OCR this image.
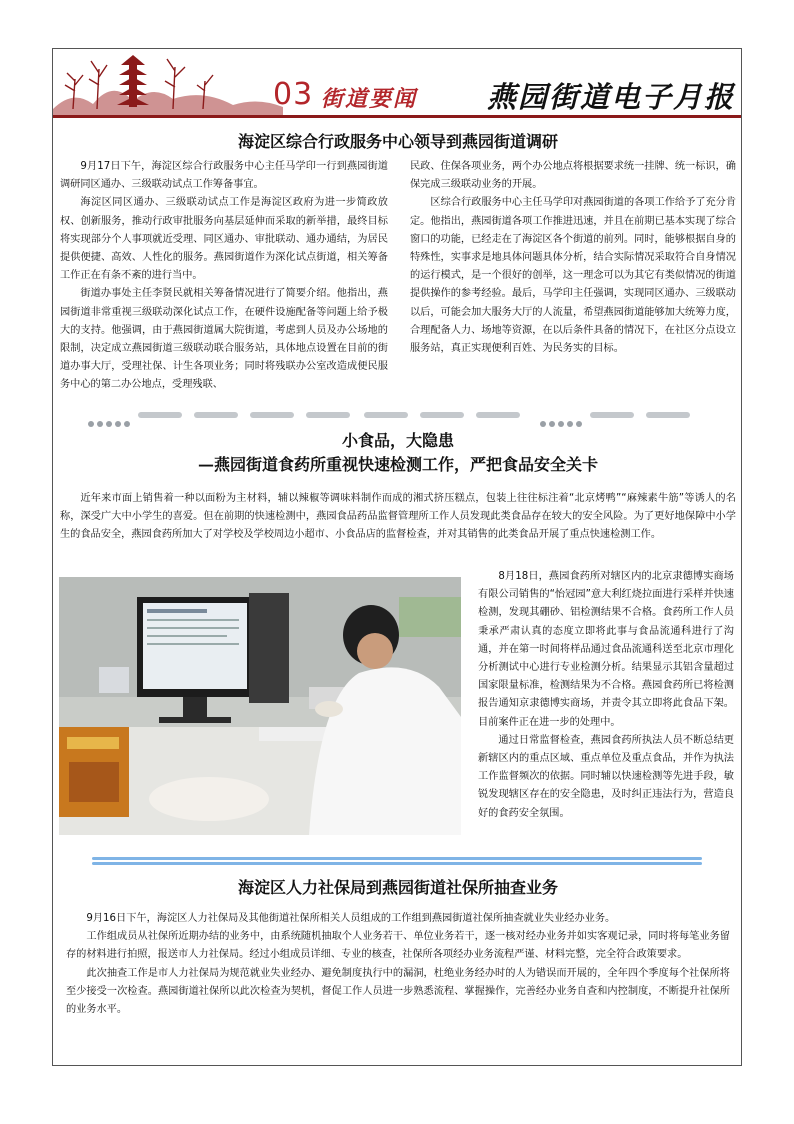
03 街道要闻 燕园街道电子月报
海淀区综合行政服务中心领导到燕园街道调研

9月17日下午，海淀区综合行政服务中心主任马学印一行到燕园街道调研同区通办、三级联动试点工作筹备事宜。

海淀区同区通办、三级联动试点工作是海淀区政府为进一步简政放权、创新服务，推动行政审批服务向基层延伸而采取的新举措，最终目标将实现部分个人事项就近受理、同区通办、审批联动、通办通结，为居民提供便捷、高效、人性化的服务。燕园街道作为深化试点街道，相关筹备工作正在有条不紊的进行当中。

街道办事处主任李贤民就相关筹备情况进行了简要介绍。他指出，燕园街道非常重视三级联动深化试点工作，在硬件设施配备等问题上给予极大的支持。他强调，由于燕园街道属大院街道，考虑到人员及办公场地的限制，决定成立燕园街道三级联动联合服务站，具体地点设置在目前的街道办事大厅，受理社保、计生各项业务；同时将残联办公室改造成便民服务中心的第二办公地点，受理残联、

民政、住保各项业务，两个办公地点将根据要求统一挂牌、统一标识，确保完成三级联动业务的开展。

区综合行政服务中心主任马学印对燕园街道的各项工作给予了充分肯定。他指出，燕园街道各项工作推进迅速，并且在前期已基本实现了综合窗口的功能，已经走在了海淀区各个街道的前列。同时，能够根据自身的特殊性，实事求是地具体问题具体分析，结合实际情况采取符合自身情况的运行模式，是一个很好的创举，这一理念可以为其它有类似情况的街道提供操作的参考经验。最后，马学印主任强调，实现同区通办、三级联动以后，可能会加大服务大厅的人流量，希望燕园街道能够加大统筹力度，合理配备人力、场地等资源，在以后条件具备的情况下，在社区分点设立服务站，真正实现便利百姓、为民务实的目标。

小食品，大隐患
—燕园街道食药所重视快速检测工作，严把食品安全关卡

近年来市面上销售着一种以面粉为主材料，辅以辣椒等调味料制作而成的湘式挤压糕点，包装上往往标注着“北京烤鸭”“麻辣素牛筋”等诱人的名称，深受广大中小学生的喜爱。但在前期的快速检测中，燕园食品药品监督管理所工作人员发现此类食品存在较大的安全风险。为了更好地保障中小学生的食品安全，燕园食药所加大了对学校及学校周边小超市、小食品店的监督检查，并对其销售的此类食品开展了重点快速检测工作。

8月18日，燕园食药所对辖区内的北京隶德博实商场有限公司销售的“怡冠园”意大利红烧拉面进行采样并快速检测，发现其硼砂、铝检测结果不合格。食药所工作人员秉承严肃认真的态度立即将此事与食品流通科进行了沟通，并在第一时间将样品通过食品流通科送至北京市理化分析测试中心进行专业检测分析。结果显示其铝含量超过国家限量标准，检测结果为不合格。燕园食药所已将检测报告通知京隶德博实商场，并责令其立即将此食品下架。目前案件正在进一步的处理中。

通过日常监督检查，燕园食药所执法人员不断总结更新辖区内的重点区域、重点单位及重点食品，并作为执法工作监督频次的依据。同时辅以快速检测等先进手段，敏锐发现辖区存在的安全隐患，及时纠正违法行为，营造良好的食药安全氛围。

海淀区人力社保局到燕园街道社保所抽查业务

9月16日下午，海淀区人力社保局及其他街道社保所相关人员组成的工作组到燕园街道社保所抽查就业失业经办业务。

工作组成员从社保所近期办结的业务中，由系统随机抽取个人业务若干、单位业务若干，逐一核对经办业务并如实客观记录，同时将每笔业务留存的材料进行拍照，报送市人力社保局。经过小组成员详细、专业的核查，社保所各项经办业务流程严谨、材料完整，完全符合政策要求。

此次抽查工作是市人力社保局为规范就业失业经办、避免制度执行中的漏洞，杜绝业务经办时的人为错误而开展的，全年四个季度每个社保所将至少接受一次检查。燕园街道社保所以此次检查为契机，督促工作人员进一步熟悉流程、掌握操作，完善经办业务自查和内控制度，不断提升社保所的业务水平。
